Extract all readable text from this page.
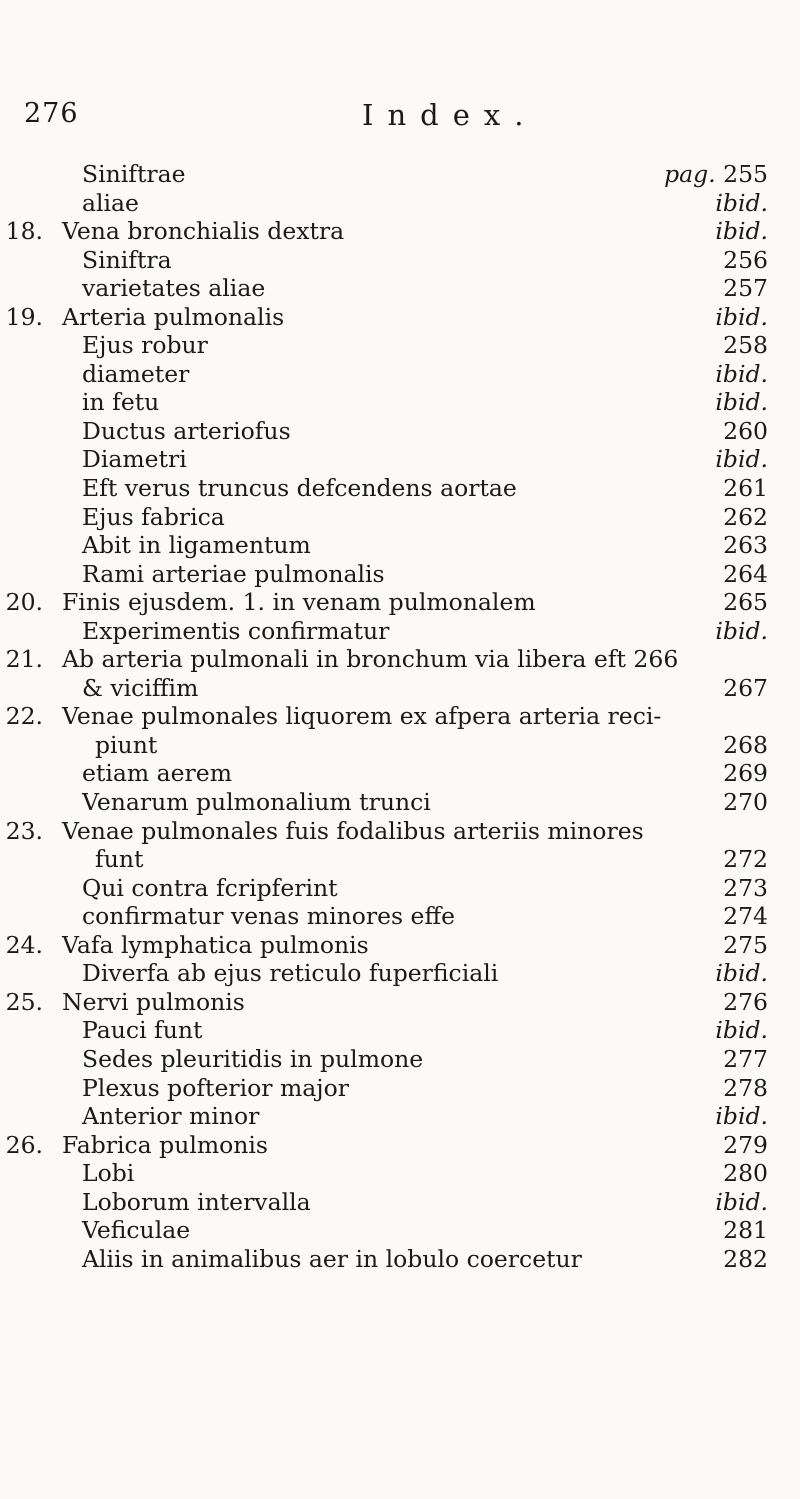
276	Index.
Siniftrae	pag. 255
aliae	ibid.
18. Vena bronchialis dextra	ibid.
Siniftra	256
varietates aliae	257
19. Arteria pulmonalis	ibid.
Ejus robur	258
diameter	ibid.
in fetu	ibid.
Ductus arteriofus	260
Diametri	ibid.
Eft verus truncus defcendens aortae	261
Ejus fabrica	262
Abit in ligamentum	263
Rami arteriae pulmonalis	264
20. Finis ejusdem. 1. in venam pulmonalem	265
Experimentis confirmatur	ibid.
21. Ab arteria pulmonali in bronchum via libera eft 266
& viciffim	267
22. Venae pulmonales liquorem ex afpera arteria reci-
piunt	268
etiam aerem	269
Venarum pulmonalium trunci	270
23. Venae pulmonales fuis fodalibus arteriis minores
funt	272
Qui contra fcripferint	273
confirmatur venas minores effe	274
24. Vafa lymphatica pulmonis	275
Diverfa ab ejus reticulo fuperficiali	ibid.
25. Nervi pulmonis	276
Pauci funt	ibid.
Sedes pleuritidis in pulmone	277
Plexus pofterior major	278
Anterior minor	ibid.
26. Fabrica pulmonis	279
Lobi	280
Loborum intervalla	ibid.
Veficulae	281
Aliis in animalibus aer in lobulo coercetur	282
